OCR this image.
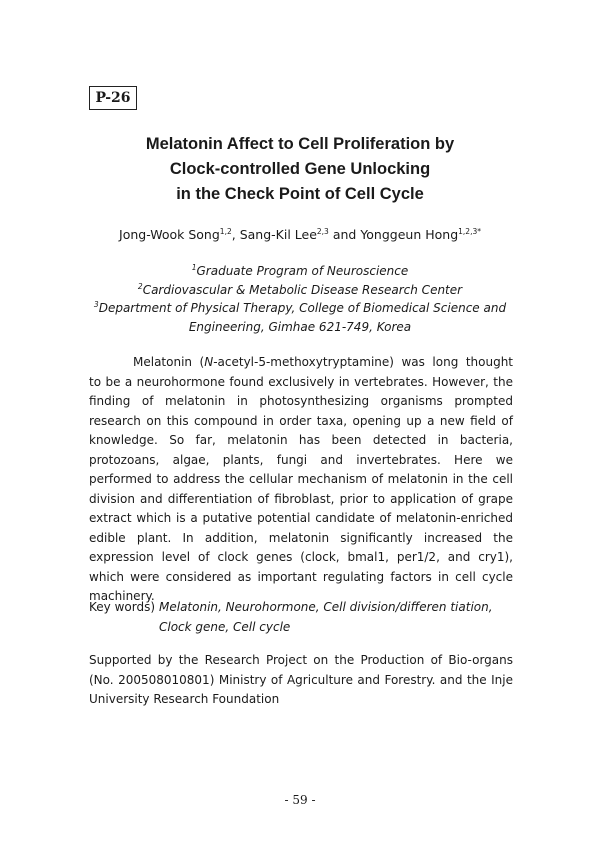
P-26
Melatonin Affect to Cell Proliferation by
Clock-controlled Gene Unlocking
in the Check Point of Cell Cycle
Jong-Wook Song$^{1,2}$, Sang-Kil Lee$^{2,3}$ and Yonggeun Hong$^{1,2,3*}$
$^1$Graduate Program of Neuroscience
$^2$Cardiovascular & Metabolic Disease Research Center
$^3$Department of Physical Therapy, College of Biomedical Science and
Engineering, Gimhae 621-749, Korea

Melatonin (N-acetyl-5-methoxytryptamine) was long thought to be a neurohormone found exclusively in vertebrates. However, the finding of melatonin in photosynthesizing organisms prompted research on this compound in order taxa, opening up a new field of knowledge. So far, melatonin has been detected in bacteria, protozoans, algae, plants, fungi and invertebrates. Here we performed to address the cellular mechanism of melatonin in the cell division and differentiation of fibroblast, prior to application of grape extract which is a putative potential candidate of melatonin-enriched edible plant. In addition, melatonin significantly increased the expression level of clock genes (clock, bmal1, per1/2, and cry1), which were considered as important regulating factors in cell cycle machinery.

Key words) Melatonin, Neurohormone, Cell division/differen tiation, Clock gene, Cell cycle
Supported by the Research Project on the Production of Bio-organs (No. 200508010801) Ministry of Agriculture and Forestry. and the Inje University Research Foundation
- 59 -
